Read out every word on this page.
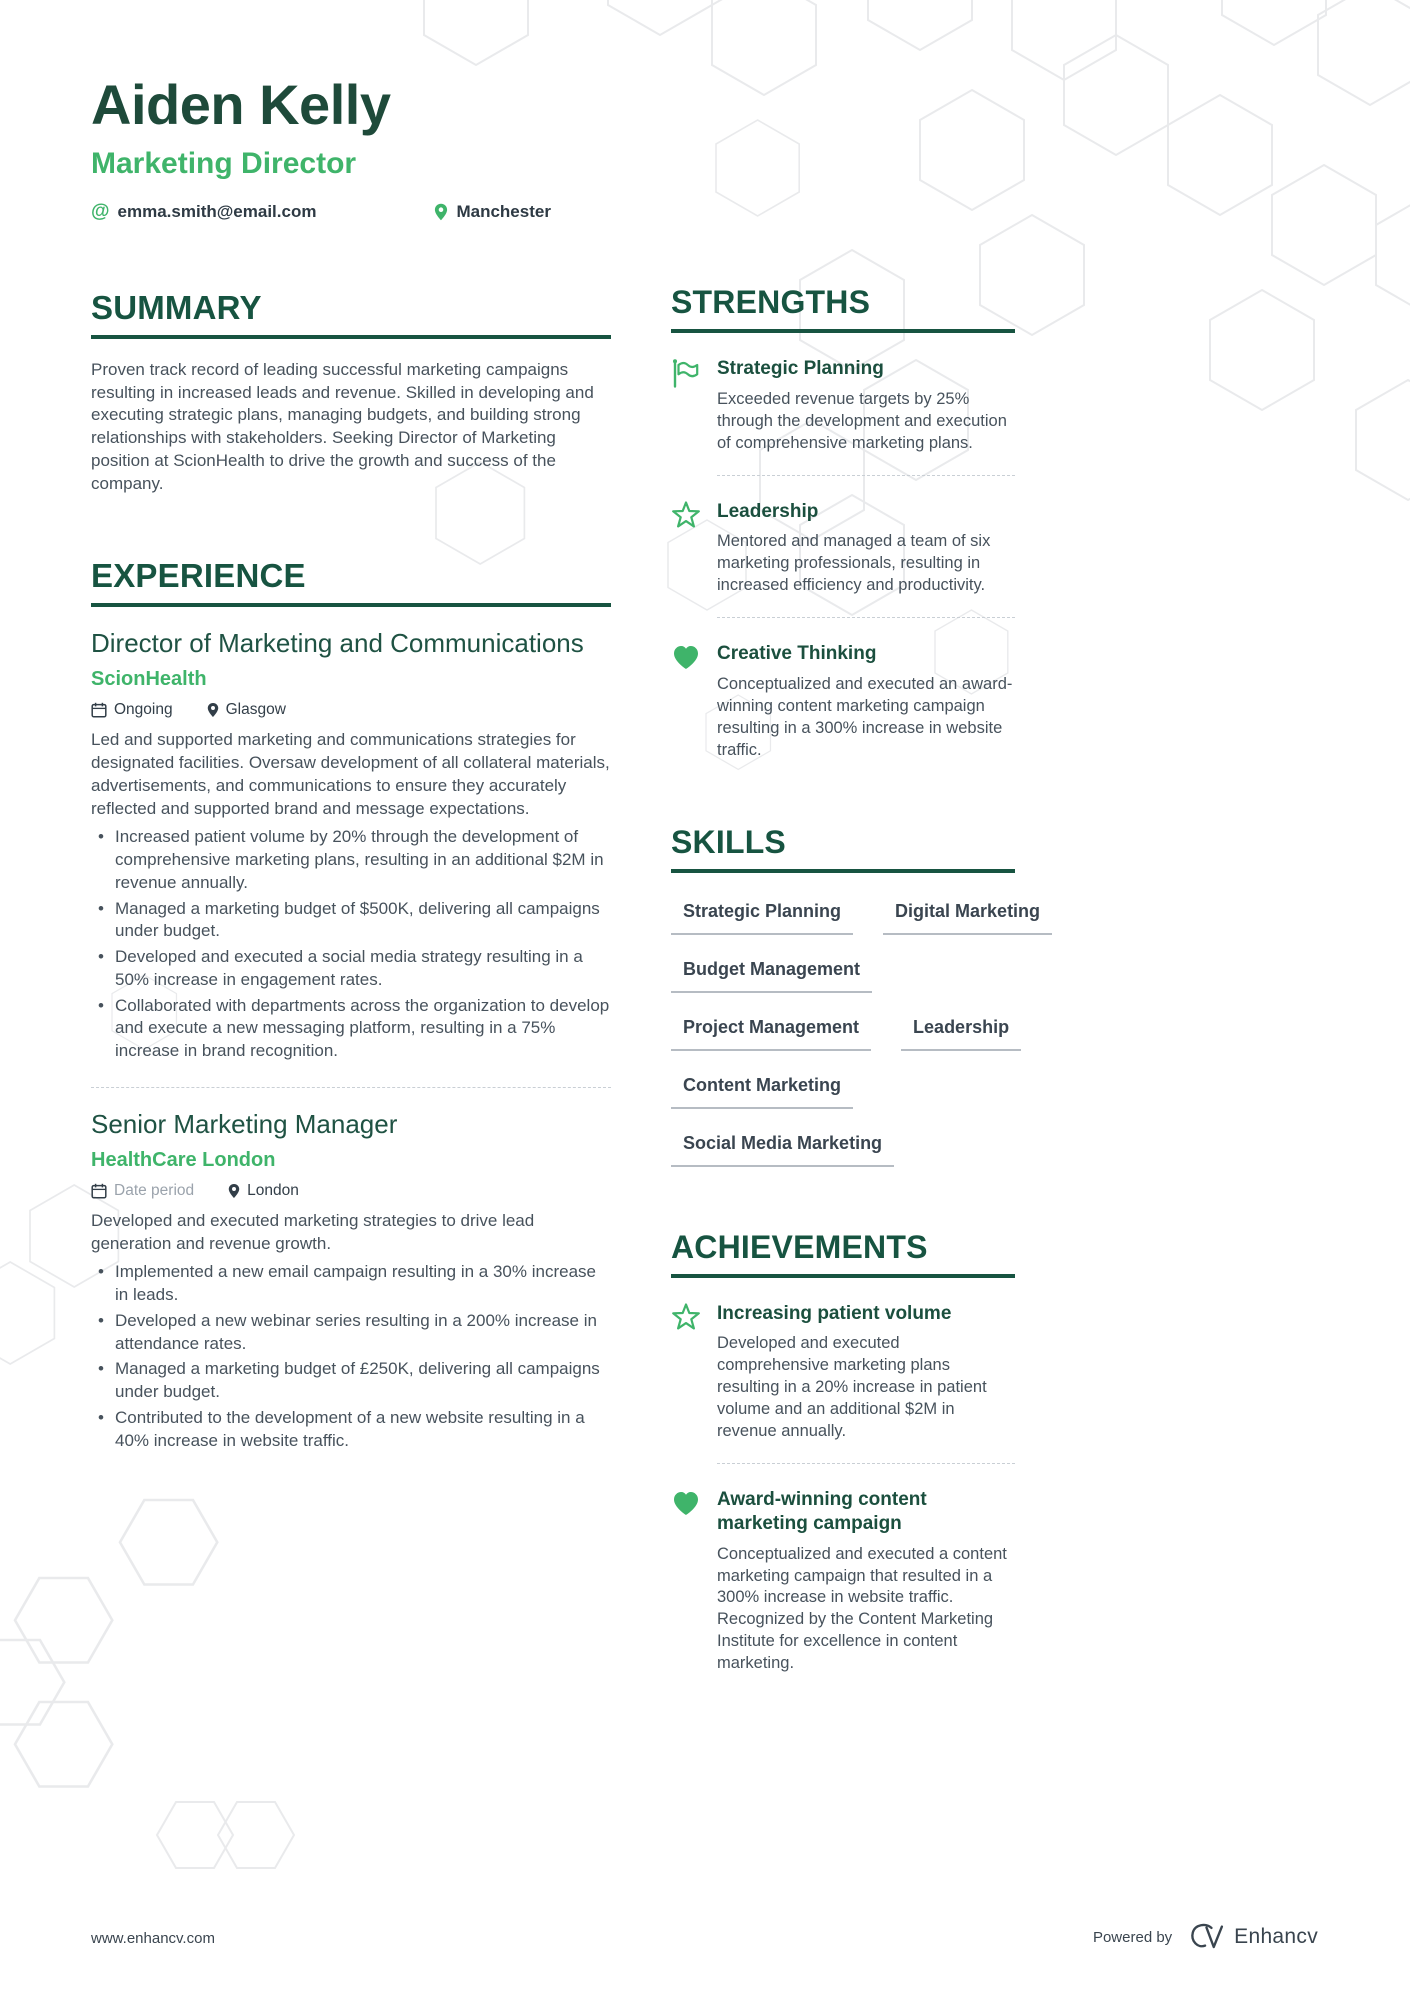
Aiden Kelly
Marketing Director
@ emma.smith@email.com	Manchester
SUMMARY

Proven track record of leading successful marketing campaigns resulting in increased leads and revenue. Skilled in developing and executing strategic plans, managing budgets, and building strong relationships with stakeholders. Seeking Director of Marketing position at ScionHealth to drive the growth and success of the company.

EXPERIENCE
Director of Marketing and Communications
ScionHealth
Ongoing	Glasgow

Led and supported marketing and communications strategies for designated facilities. Oversaw development of all collateral materials, advertisements, and communications to ensure they accurately reflected and supported brand and message expectations.

• Increased patient volume by 20% through the development of comprehensive marketing plans, resulting in an additional $2M in revenue annually.
• Managed a marketing budget of $500K, delivering all campaigns under budget.
• Developed and executed a social media strategy resulting in a 50% increase in engagement rates.
• Collaborated with departments across the organization to develop and execute a new messaging platform, resulting in a 75% increase in brand recognition.
Senior Marketing Manager
HealthCare London
Date period	London

Developed and executed marketing strategies to drive lead generation and revenue growth.

• Implemented a new email campaign resulting in a 30% increase in leads.
• Developed a new webinar series resulting in a 200% increase in attendance rates.
• Managed a marketing budget of £250K, delivering all campaigns under budget.
• Contributed to the development of a new website resulting in a 40% increase in website traffic.
STRENGTHS
Strategic Planning
Exceeded revenue targets by 25% through the development and execution of comprehensive marketing plans.
Leadership
Mentored and managed a team of six marketing professionals, resulting in increased efficiency and productivity.
Creative Thinking
Conceptualized and executed an award-winning content marketing campaign resulting in a 300% increase in website traffic.
SKILLS
Strategic Planning	Digital Marketing
Budget Management
Project Management	Leadership
Content Marketing
Social Media Marketing
ACHIEVEMENTS
Increasing patient volume
Developed and executed comprehensive marketing plans resulting in a 20% increase in patient volume and an additional $2M in revenue annually.
Award-winning content marketing campaign
Conceptualized and executed a content marketing campaign that resulted in a 300% increase in website traffic. Recognized by the Content Marketing Institute for excellence in content marketing.
www.enhancv.com	Powered by	Enhancv
